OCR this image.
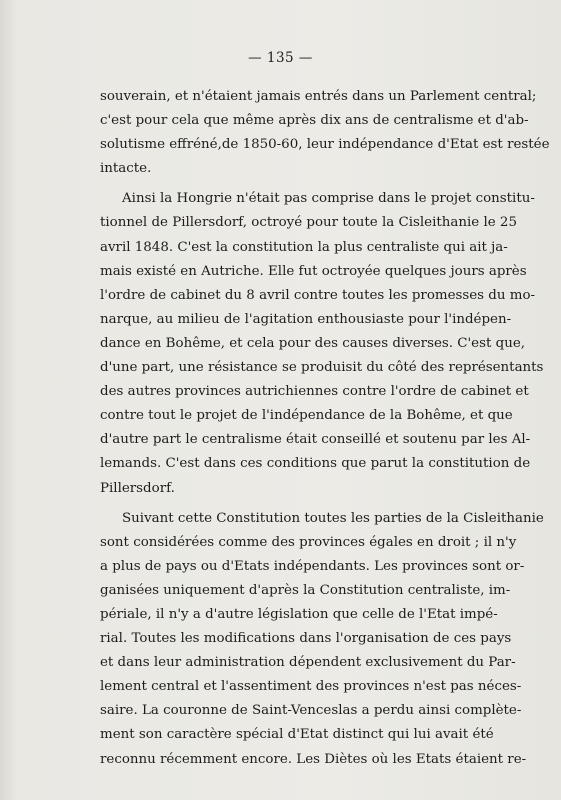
— 135 —
souverain, et n'étaient jamais entrés dans un Parlement central;
c'est pour cela que même après dix ans de centralisme et d'ab-
solutisme effréné,de 1850-60, leur indépendance d'Etat est restée
intacte.
Ainsi la Hongrie n'était pas comprise dans le projet constitu-
tionnel de Pillersdorf, octroyé pour toute la Cisleithanie le 25
avril 1848. C'est la constitution la plus centraliste qui ait ja-
mais existé en Autriche. Elle fut octroyée quelques jours après
l'ordre de cabinet du 8 avril contre toutes les promesses du mo-
narque, au milieu de l'agitation enthousiaste pour l'indépen-
dance en Bohême, et cela pour des causes diverses. C'est que,
d'une part, une résistance se produisit du côté des représentants
des autres provinces autrichiennes contre l'ordre de cabinet et
contre tout le projet de l'indépendance de la Bohême, et que
d'autre part le centralisme était conseillé et soutenu par les Al-
lemands. C'est dans ces conditions que parut la constitution de
Pillersdorf.
Suivant cette Constitution toutes les parties de la Cisleithanie
sont considérées comme des provinces égales en droit ; il n'y
a plus de pays ou d'Etats indépendants. Les provinces sont or-
ganisées uniquement d'après la Constitution centraliste, im-
périale, il n'y a d'autre législation que celle de l'Etat impé-
rial. Toutes les modifications dans l'organisation de ces pays
et dans leur administration dépendent exclusivement du Par-
lement central et l'assentiment des provinces n'est pas néces-
saire. La couronne de Saint-Venceslas a perdu ainsi complète-
ment son caractère spécial d'Etat distinct qui lui avait été
reconnu récemment encore. Les Diètes où les Etats étaient re-
